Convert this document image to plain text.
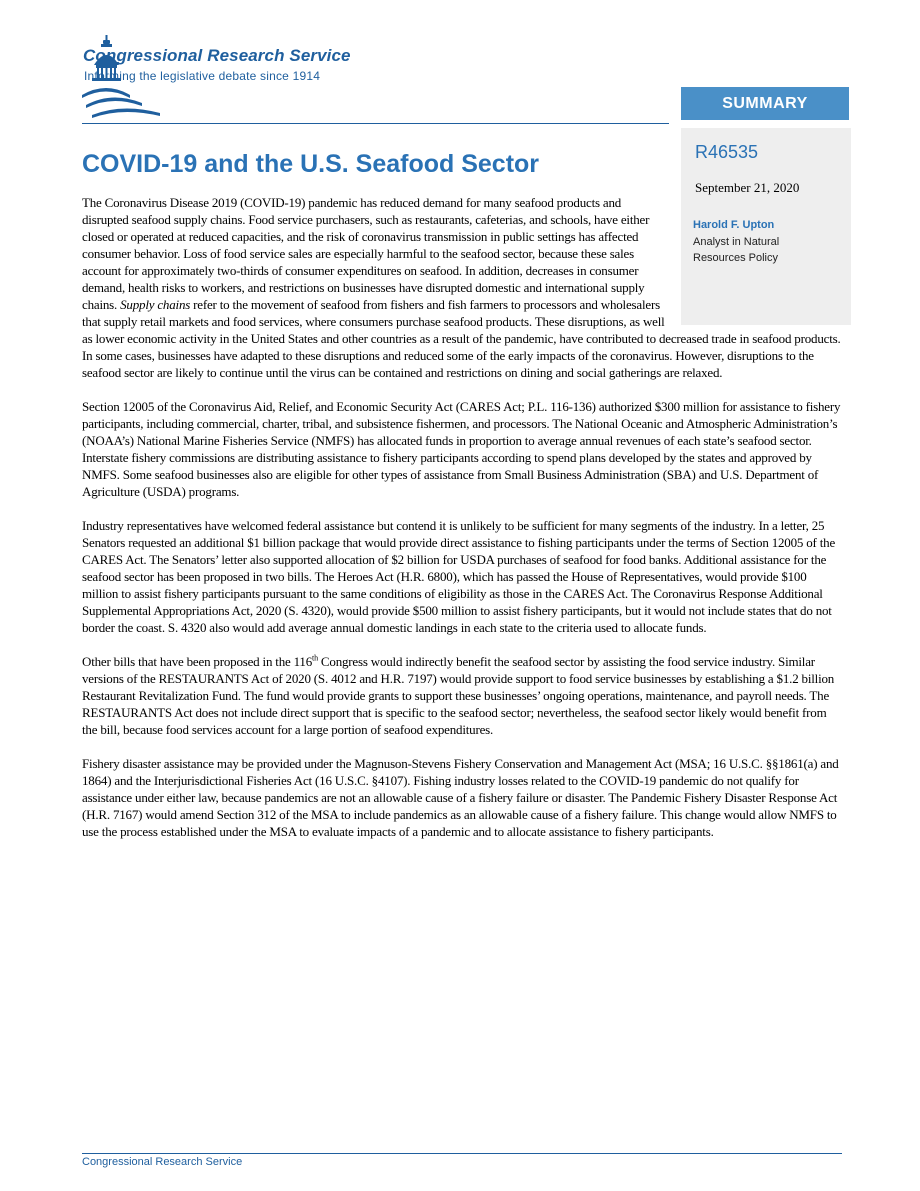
Congressional Research Service
Informing the legislative debate since 1914
SUMMARY
R46535
September 21, 2020
Harold F. Upton
Analyst in Natural Resources Policy
COVID-19 and the U.S. Seafood Sector

The Coronavirus Disease 2019 (COVID-19) pandemic has reduced demand for many seafood products and disrupted seafood supply chains. Food service purchasers, such as restaurants, cafeterias, and schools, have either closed or operated at reduced capacities, and the risk of coronavirus transmission in public settings has affected consumer behavior. Loss of food service sales are especially harmful to the seafood sector, because these sales account for approximately two-thirds of consumer expenditures on seafood. In addition, decreases in consumer demand, health risks to workers, and restrictions on businesses have disrupted domestic and international supply chains. Supply chains refer to the movement of seafood from fishers and fish farmers to processors and wholesalers that supply retail markets and food services, where consumers purchase seafood products. These disruptions, as well as lower economic activity in the United States and other countries as a result of the pandemic, have contributed to decreased trade in seafood products. In some cases, businesses have adapted to these disruptions and reduced some of the early impacts of the coronavirus. However, disruptions to the seafood sector are likely to continue until the virus can be contained and restrictions on dining and social gatherings are relaxed.

Section 12005 of the Coronavirus Aid, Relief, and Economic Security Act (CARES Act; P.L. 116-136) authorized $300 million for assistance to fishery participants, including commercial, charter, tribal, and subsistence fishermen, and processors. The National Oceanic and Atmospheric Administration’s (NOAA’s) National Marine Fisheries Service (NMFS) has allocated funds in proportion to average annual revenues of each state’s seafood sector. Interstate fishery commissions are distributing assistance to fishery participants according to spend plans developed by the states and approved by NMFS. Some seafood businesses also are eligible for other types of assistance from Small Business Administration (SBA) and U.S. Department of Agriculture (USDA) programs.

Industry representatives have welcomed federal assistance but contend it is unlikely to be sufficient for many segments of the industry. In a letter, 25 Senators requested an additional $1 billion package that would provide direct assistance to fishing participants under the terms of Section 12005 of the CARES Act. The Senators’ letter also supported allocation of $2 billion for USDA purchases of seafood for food banks. Additional assistance for the seafood sector has been proposed in two bills. The Heroes Act (H.R. 6800), which has passed the House of Representatives, would provide $100 million to assist fishery participants pursuant to the same conditions of eligibility as those in the CARES Act. The Coronavirus Response Additional Supplemental Appropriations Act, 2020 (S. 4320), would provide $500 million to assist fishery participants, but it would not include states that do not border the coast. S. 4320 also would add average annual domestic landings in each state to the criteria used to allocate funds.

Other bills that have been proposed in the 116th Congress would indirectly benefit the seafood sector by assisting the food service industry. Similar versions of the RESTAURANTS Act of 2020 (S. 4012 and H.R. 7197) would provide support to food service businesses by establishing a $1.2 billion Restaurant Revitalization Fund. The fund would provide grants to support these businesses’ ongoing operations, maintenance, and payroll needs. The RESTAURANTS Act does not include direct support that is specific to the seafood sector; nevertheless, the seafood sector likely would benefit from the bill, because food services account for a large portion of seafood expenditures.

Fishery disaster assistance may be provided under the Magnuson-Stevens Fishery Conservation and Management Act (MSA; 16 U.S.C. §§1861(a) and 1864) and the Interjurisdictional Fisheries Act (16 U.S.C. §4107). Fishing industry losses related to the COVID-19 pandemic do not qualify for assistance under either law, because pandemics are not an allowable cause of a fishery failure or disaster. The Pandemic Fishery Disaster Response Act (H.R. 7167) would amend Section 312 of the MSA to include pandemics as an allowable cause of a fishery failure. This change would allow NMFS to use the process established under the MSA to evaluate impacts of a pandemic and to allocate assistance to fishery participants.

Congressional Research Service
